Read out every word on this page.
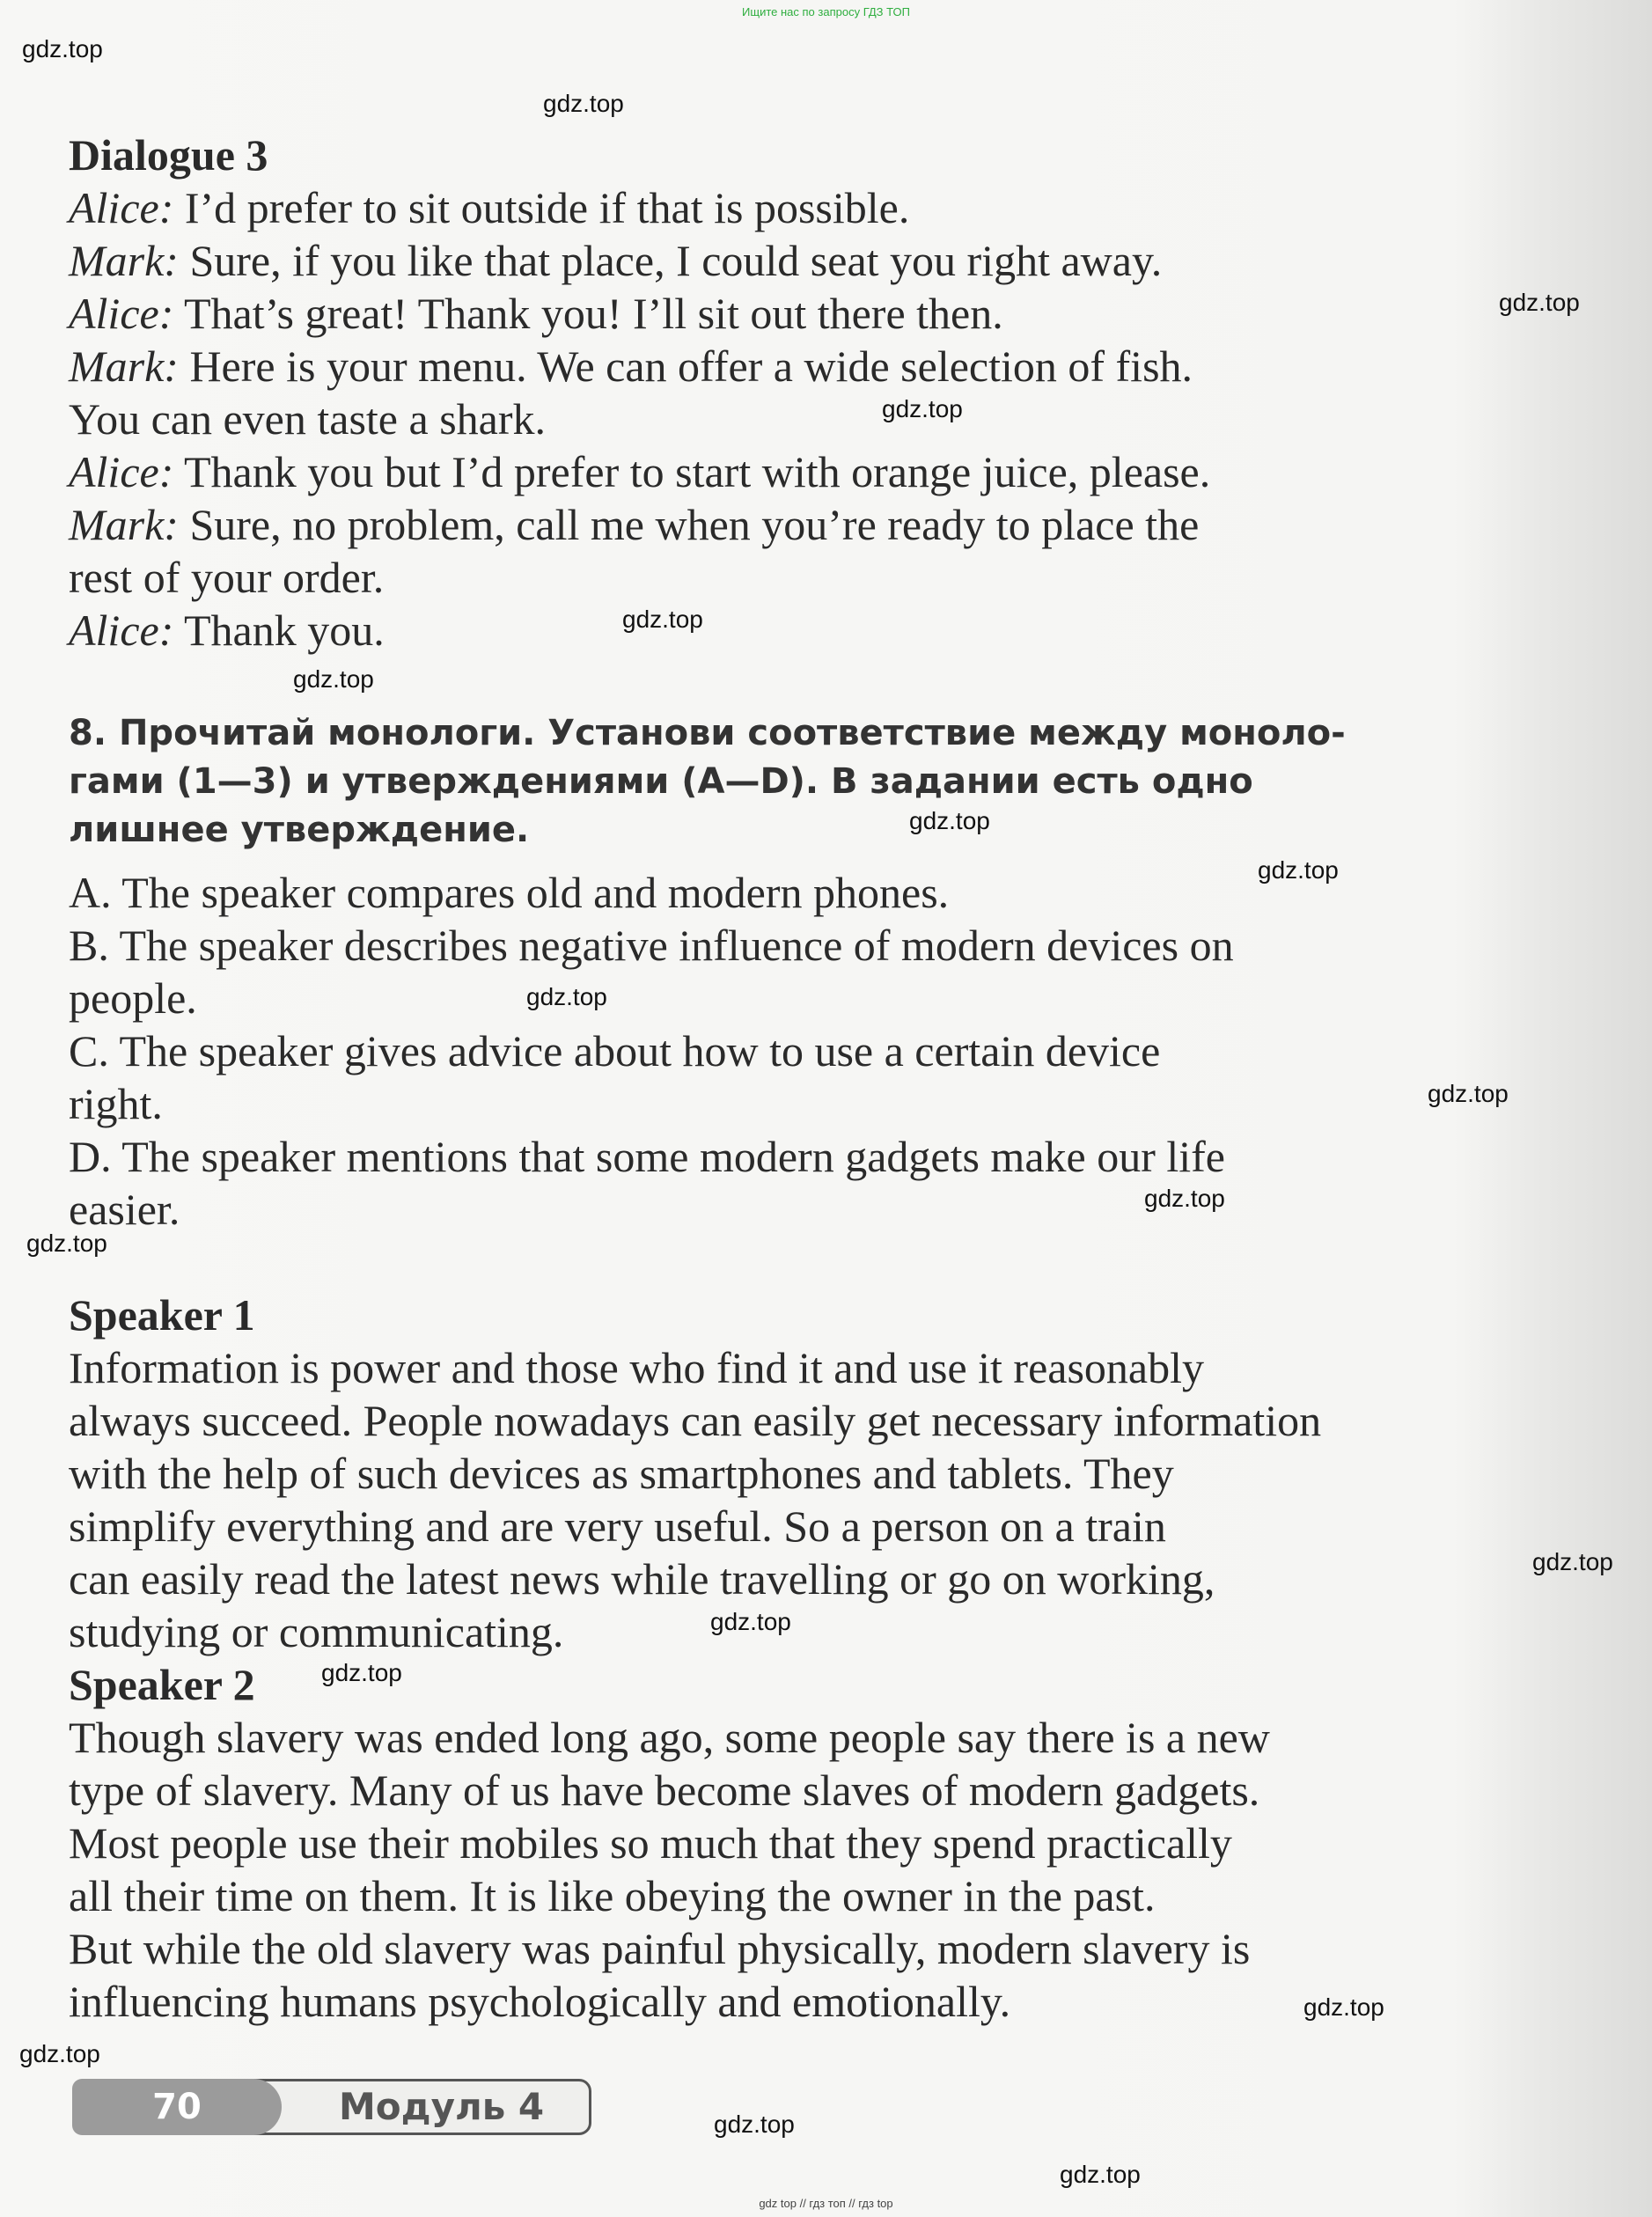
Ищите нас по запросу ГДЗ ТОП

Dialogue 3

Alice: I’d prefer to sit outside if that is possible.

Mark: Sure, if you like that place, I could seat you right away.

Alice: That’s great! Thank you! I’ll sit out there then.

Mark: Here is your menu. We can offer a wide selection of fish.

You can even taste a shark.

Alice: Thank you but I’d prefer to start with orange juice, please.

Mark: Sure, no problem, call me when you’re ready to place the

rest of your order.

Alice: Thank you.

8. Прочитай монологи. Установи соответствие между моноло-

гами (1—3) и утверждениями (A—D). В задании есть одно

лишнее утверждение.

A. The speaker compares old and modern phones.

B. The speaker describes negative influence of modern devices on

people.

C. The speaker gives advice about how to use a certain device

right.

D. The speaker mentions that some modern gadgets make our life

easier.

Speaker 1

Information is power and those who find it and use it reasonably

always succeed. People nowadays can easily get necessary information

with the help of such devices as smartphones and tablets. They

simplify everything and are very useful. So a person on a train

can easily read the latest news while travelling or go on working,

studying or communicating.

Speaker 2

Though slavery was ended long ago, some people say there is a new

type of slavery. Many of us have become slaves of modern gadgets.

Most people use their mobiles so much that they spend practically

all their time on them. It is like obeying the owner in the past.

But while the old slavery was painful physically, modern slavery is

influencing humans psychologically and emotionally.

70	Модуль 4
gdz.top
gdz.top
gdz.top
gdz.top
gdz.top
gdz.top
gdz.top
gdz.top
gdz.top
gdz.top
gdz.top
gdz.top
gdz.top
gdz.top
gdz.top
gdz.top
gdz.top
gdz.top
gdz.top
gdz top // гдз топ // гдз top
